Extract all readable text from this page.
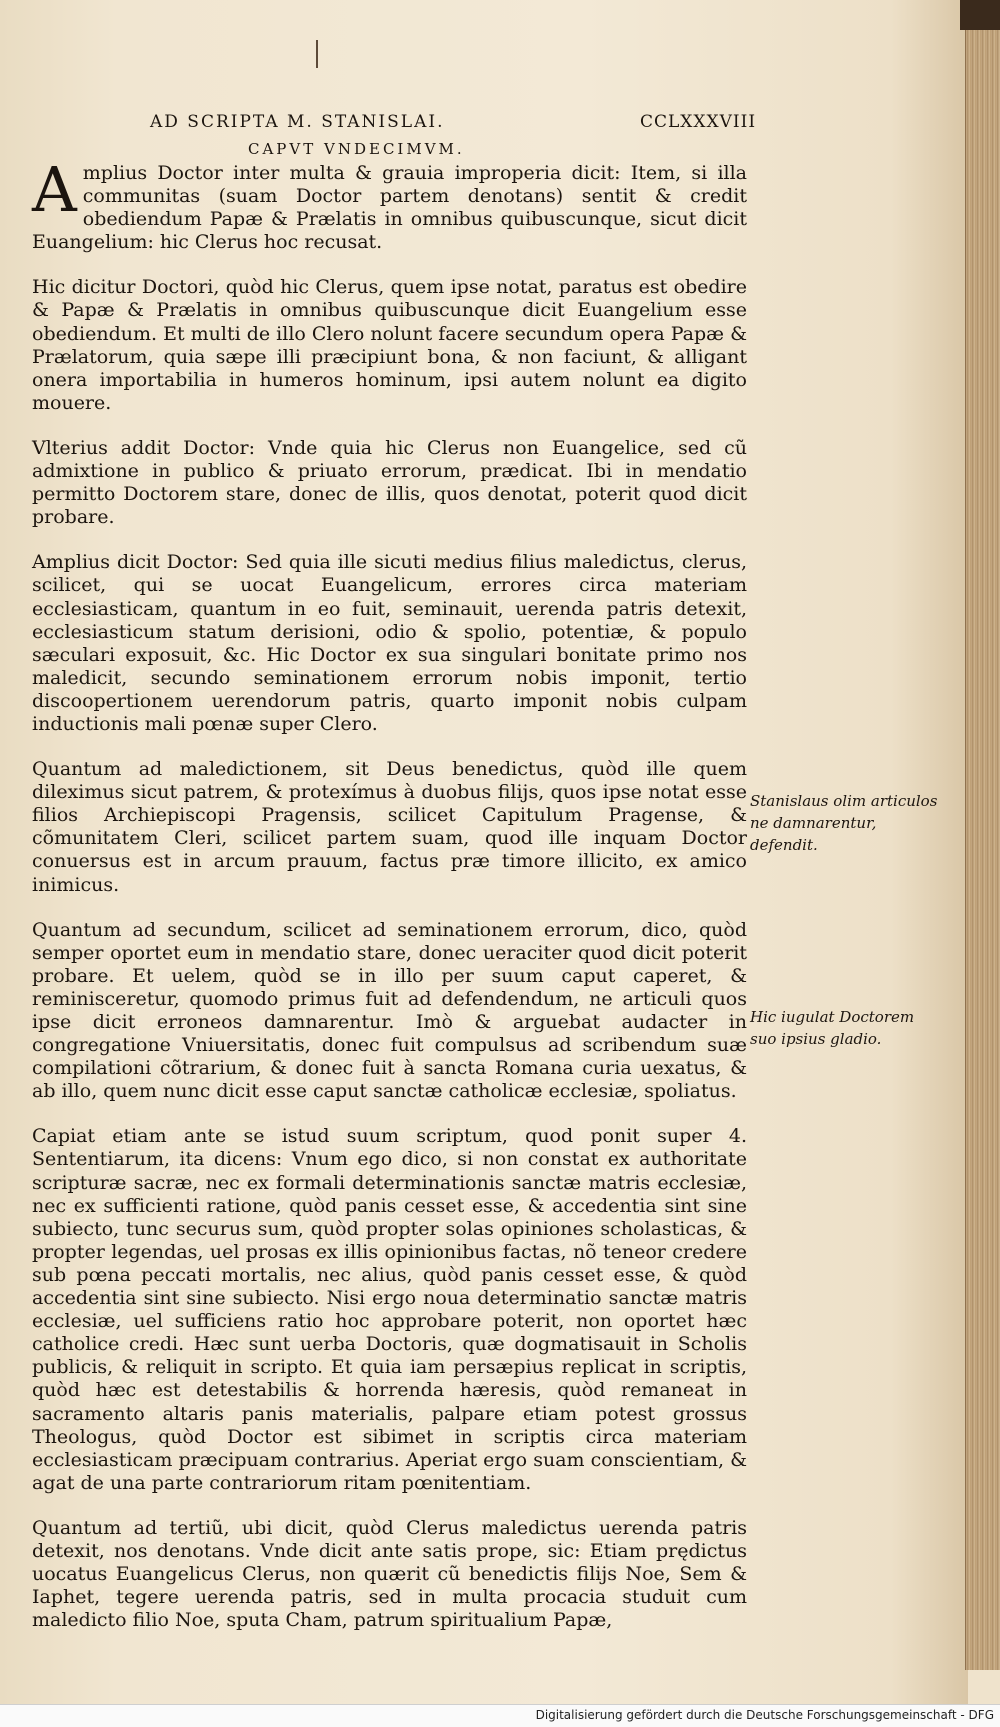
AD SCRIPTA M. STANISLAI.	CCLXXXVIII
CAPVT VNDECIMVM.

Amplius Doctor inter multa & grauia improperia dicit: Item, si illa communitas (suam Doctor partem denotans) sentit & credit obediendum Papæ & Prælatis in omnibus quibuscunque, sicut dicit Euangelium: hic Clerus hoc recusat.

Hic dicitur Doctori, quòd hic Clerus, quem ipse notat, paratus est obedire & Papæ & Prælatis in omnibus quibuscunque dicit Euangelium esse obediendum. Et multi de illo Clero nolunt facere secundum opera Papæ & Prælatorum, quia sæpe illi præcipiunt bona, & non faciunt, & alligant onera importabilia in humeros hominum, ipsi autem nolunt ea digito mouere.

Vlterius addit Doctor: Vnde quia hic Clerus non Euangelice, sed cũ admixtione in publico & priuato errorum, prædicat. Ibi in mendatio permitto Doctorem stare, donec de illis, quos denotat, poterit quod dicit probare.

Amplius dicit Doctor: Sed quia ille sicuti medius filius maledictus, clerus, scilicet, qui se uocat Euangelicum, errores circa materiam ecclesiasticam, quantum in eo fuit, seminauit, uerenda patris detexit, ecclesiasticum statum derisioni, odio & spolio, potentiæ, & populo sæculari exposuit, &c. Hic Doctor ex sua singulari bonitate primo nos maledicit, secundo seminationem errorum nobis imponit, tertio discoopertionem uerendorum patris, quarto imponit nobis culpam inductionis mali pœnæ super Clero.

Quantum ad maledictionem, sit Deus benedictus, quòd ille quem dileximus sicut patrem, & protexímus à duobus filijs, quos ipse notat esse filios Archiepiscopi Pragensis, scilicet Capitulum Pragense, & cõmunitatem Cleri, scilicet partem suam, quod ille inquam Doctor conuersus est in arcum prauum, factus præ timore illicito, ex amico inimicus.

Quantum ad secundum, scilicet ad seminationem errorum, dico, quòd semper oportet eum in mendatio stare, donec ueraciter quod dicit poterit probare. Et uelem, quòd se in illo per suum caput caperet, & reminisceretur, quomodo primus fuit ad defendendum, ne articuli quos ipse dicit erroneos damnarentur. Imò & arguebat audacter in congregatione Vniuersitatis, donec fuit compulsus ad scribendum suæ compilationi cõtrarium, & donec fuit à sancta Romana curia uexatus, & ab illo, quem nunc dicit esse caput sanctæ catholicæ ecclesiæ, spoliatus.

Capiat etiam ante se istud suum scriptum, quod ponit super 4. Sententiarum, ita dicens: Vnum ego dico, si non constat ex authoritate scripturæ sacræ, nec ex formali determinationis sanctæ matris ecclesiæ, nec ex sufficienti ratione, quòd panis cesset esse, & accedentia sint sine subiecto, tunc securus sum, quòd propter solas opiniones scholasticas, & propter legendas, uel prosas ex illis opinionibus factas, nõ teneor credere sub pœna peccati mortalis, nec alius, quòd panis cesset esse, & quòd accedentia sint sine subiecto. Nisi ergo noua determinatio sanctæ matris ecclesiæ, uel sufficiens ratio hoc approbare poterit, non oportet hæc catholice credi. Hæc sunt uerba Doctoris, quæ dogmatisauit in Scholis publicis, & reliquit in scripto. Et quia iam persæpius replicat in scriptis, quòd hæc est detestabilis & horrenda hæresis, quòd remaneat in sacramento altaris panis materialis, palpare etiam potest grossus Theologus, quòd Doctor est sibimet in scriptis circa materiam ecclesiasticam præcipuam contrarius. Aperiat ergo suam conscientiam, & agat de una parte contrariorum ritam pœnitentiam.

Quantum ad tertiũ, ubi dicit, quòd Clerus maledictus uerenda patris detexit, nos denotans. Vnde dicit ante satis prope, sic: Etiam prędictus uocatus Euangelicus Clerus, non quærit cũ benedictis filijs Noe, Sem & Iaphet, tegere uerenda patris, sed in multa procacia studuit cum maledicto filio Noe, sputa Cham, patrum spiritualium Papæ,

Stanislaus olim articulos ne damnarentur, defendit.
Hic iugulat Doctorem suo ipsius gladio.
Digitalisierung gefördert durch die Deutsche Forschungsgemeinschaft - DFG
